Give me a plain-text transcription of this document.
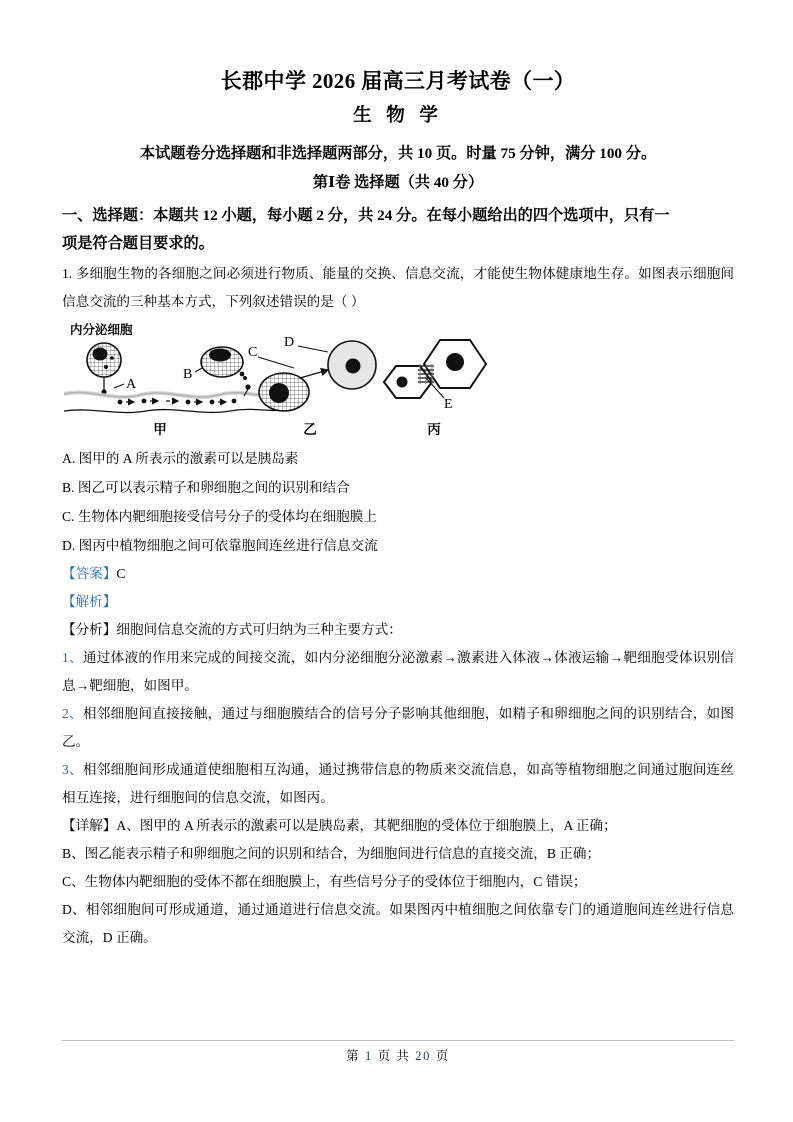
长郡中学 2026 届高三月考试卷（一）
生 物 学
本试题卷分选择题和非选择题两部分，共 10 页。时量 75 分钟，满分 100 分。
第Ⅰ卷 选择题（共 40 分）
一、选择题：本题共 12 小题，每小题 2 分，共 24 分。在每小题给出的四个选项中，只有一
项是符合题目要求的。

1. 多细胞生物的各细胞之间必须进行物质、能量的交换、信息交流，才能使生物体健康地生存。如图表示细胞间信息交流的三种基本方式，下列叙述错误的是（ ）

内分泌细胞
A
B
甲
C
D
乙
E
丙

A. 图甲的 A 所表示的激素可以是胰岛素

B. 图乙可以表示精子和卵细胞之间的识别和结合

C. 生物体内靶细胞接受信号分子的受体均在细胞膜上

D. 图丙中植物细胞之间可依靠胞间连丝进行信息交流

【答案】C

【解析】

【分析】细胞间信息交流的方式可归纳为三种主要方式：

1、通过体液的作用来完成的间接交流，如内分泌细胞分泌激素→激素进入体液→体液运输→靶细胞受体识别信息→靶细胞，如图甲。

2、相邻细胞间直接接触，通过与细胞膜结合的信号分子影响其他细胞，如精子和卵细胞之间的识别结合，如图乙。

3、相邻细胞间形成通道使细胞相互沟通，通过携带信息的物质来交流信息，如高等植物细胞之间通过胞间连丝相互连接，进行细胞间的信息交流，如图丙。

【详解】A、图甲的 A 所表示的激素可以是胰岛素，其靶细胞的受体位于细胞膜上，A 正确；

B、图乙能表示精子和卵细胞之间的识别和结合，为细胞间进行信息的直接交流，B 正确；

C、生物体内靶细胞的受体不都在细胞膜上，有些信号分子的受体位于细胞内，C 错误；

D、相邻细胞间可形成通道，通过通道进行信息交流。如果图丙中植细胞之间依靠专门的通道胞间连丝进行信息交流，D 正确。

第 1 页 共 20 页
